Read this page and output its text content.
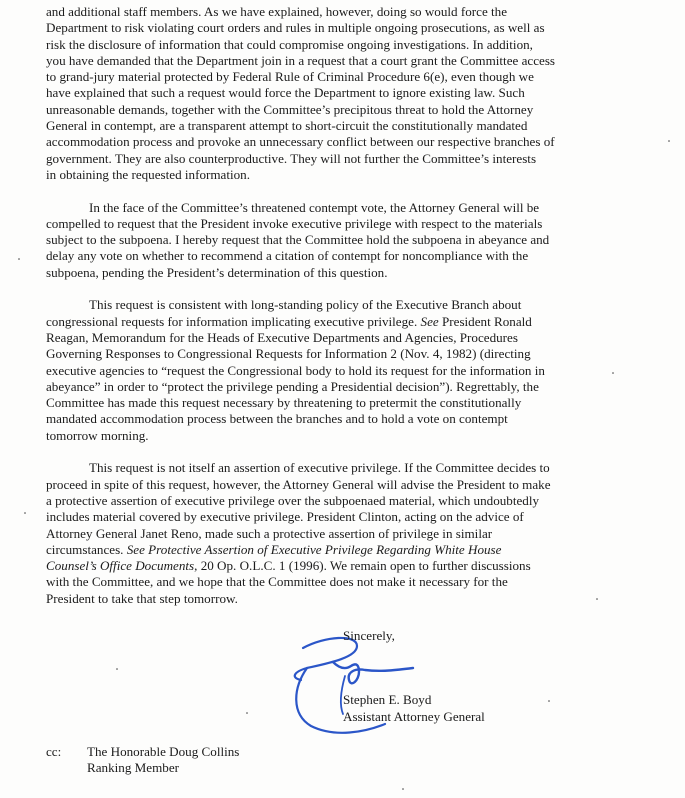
and additional staff members. As we have explained, however, doing so would force the
Department to risk violating court orders and rules in multiple ongoing prosecutions, as well as
risk the disclosure of information that could compromise ongoing investigations. In addition,
you have demanded that the Department join in a request that a court grant the Committee access
to grand-jury material protected by Federal Rule of Criminal Procedure 6(e), even though we
have explained that such a request would force the Department to ignore existing law. Such
unreasonable demands, together with the Committee’s precipitous threat to hold the Attorney
General in contempt, are a transparent attempt to short-circuit the constitutionally mandated
accommodation process and provoke an unnecessary conflict between our respective branches of
government. They are also counterproductive. They will not further the Committee’s interests
in obtaining the requested information.

In the face of the Committee’s threatened contempt vote, the Attorney General will be
compelled to request that the President invoke executive privilege with respect to the materials
subject to the subpoena. I hereby request that the Committee hold the subpoena in abeyance and
delay any vote on whether to recommend a citation of contempt for noncompliance with the
subpoena, pending the President’s determination of this question.

This request is consistent with long-standing policy of the Executive Branch about
congressional requests for information implicating executive privilege. See President Ronald
Reagan, Memorandum for the Heads of Executive Departments and Agencies, Procedures
Governing Responses to Congressional Requests for Information 2 (Nov. 4, 1982) (directing
executive agencies to “request the Congressional body to hold its request for the information in
abeyance” in order to “protect the privilege pending a Presidential decision”). Regrettably, the
Committee has made this request necessary by threatening to pretermit the constitutionally
mandated accommodation process between the branches and to hold a vote on contempt
tomorrow morning.

This request is not itself an assertion of executive privilege. If the Committee decides to
proceed in spite of this request, however, the Attorney General will advise the President to make
a protective assertion of executive privilege over the subpoenaed material, which undoubtedly
includes material covered by executive privilege. President Clinton, acting on the advice of
Attorney General Janet Reno, made such a protective assertion of privilege in similar
circumstances. See Protective Assertion of Executive Privilege Regarding White House
Counsel’s Office Documents, 20 Op. O.L.C. 1 (1996). We remain open to further discussions
with the Committee, and we hope that the Committee does not make it necessary for the
President to take that step tomorrow.

Sincerely,
Stephen E. Boyd
Assistant Attorney General
cc: The Honorable Doug Collins
Ranking Member
